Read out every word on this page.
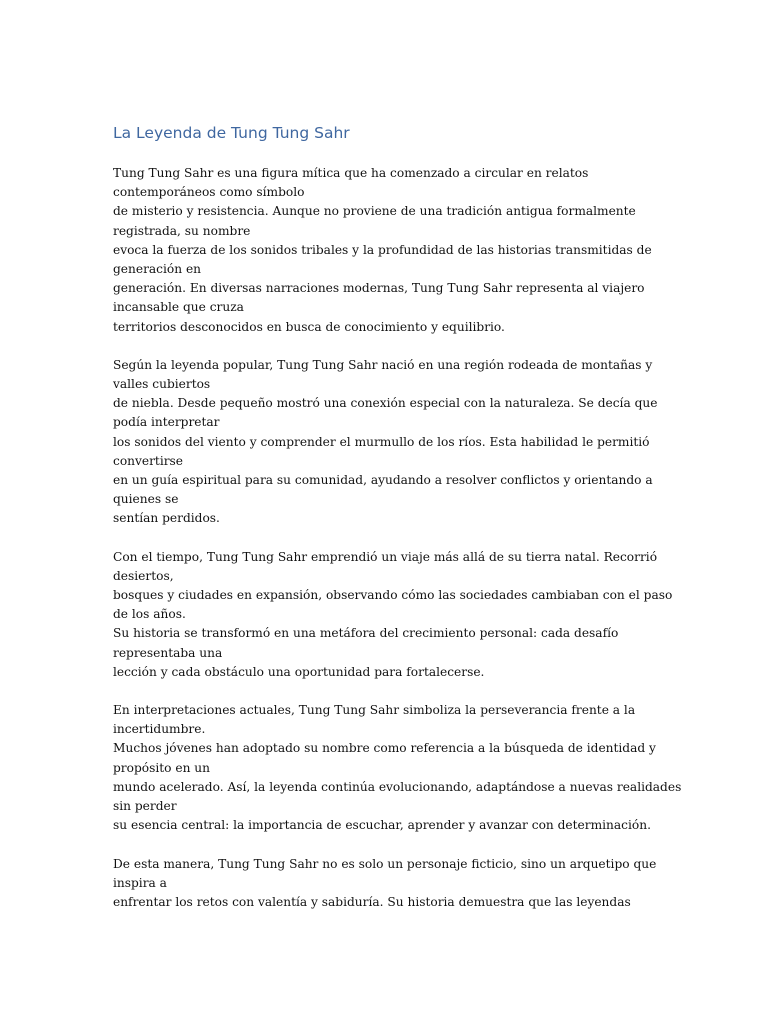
La Leyenda de Tung Tung Sahr
Tung Tung Sahr es una figura mítica que ha comenzado a circular en relatos
contemporáneos como símbolo
de misterio y resistencia. Aunque no proviene de una tradición antigua formalmente
registrada, su nombre
evoca la fuerza de los sonidos tribales y la profundidad de las historias transmitidas de
generación en
generación. En diversas narraciones modernas, Tung Tung Sahr representa al viajero
incansable que cruza
territorios desconocidos en busca de conocimiento y equilibrio.
Según la leyenda popular, Tung Tung Sahr nació en una región rodeada de montañas y
valles cubiertos
de niebla. Desde pequeño mostró una conexión especial con la naturaleza. Se decía que
podía interpretar
los sonidos del viento y comprender el murmullo de los ríos. Esta habilidad le permitió
convertirse
en un guía espiritual para su comunidad, ayudando a resolver conflictos y orientando a
quienes se
sentían perdidos.
Con el tiempo, Tung Tung Sahr emprendió un viaje más allá de su tierra natal. Recorrió
desiertos,
bosques y ciudades en expansión, observando cómo las sociedades cambiaban con el paso
de los años.
Su historia se transformó en una metáfora del crecimiento personal: cada desafío
representaba una
lección y cada obstáculo una oportunidad para fortalecerse.
En interpretaciones actuales, Tung Tung Sahr simboliza la perseverancia frente a la
incertidumbre.
Muchos jóvenes han adoptado su nombre como referencia a la búsqueda de identidad y
propósito en un
mundo acelerado. Así, la leyenda continúa evolucionando, adaptándose a nuevas realidades
sin perder
su esencia central: la importancia de escuchar, aprender y avanzar con determinación.
De esta manera, Tung Tung Sahr no es solo un personaje ficticio, sino un arquetipo que
inspira a
enfrentar los retos con valentía y sabiduría. Su historia demuestra que las leyendas
